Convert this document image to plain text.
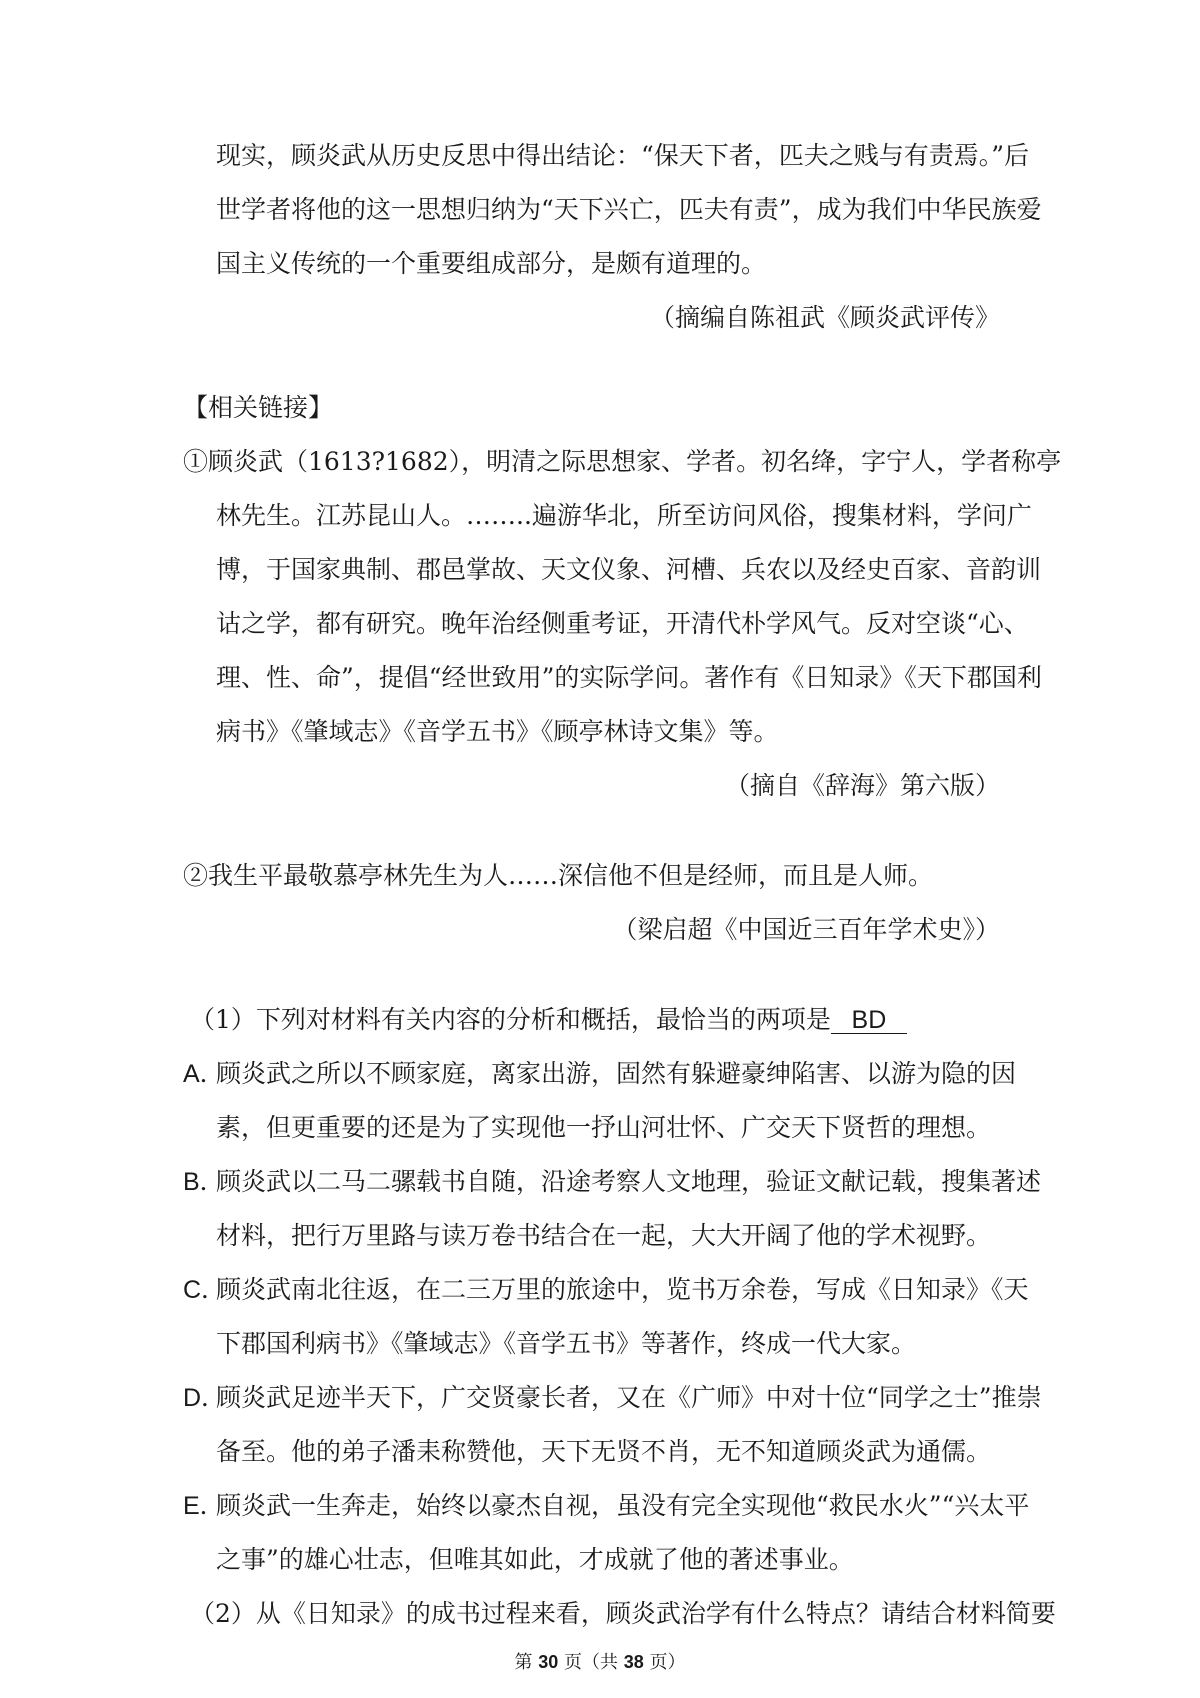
现实，顾炎武从历史反思中得出结论：“保天下者，匹夫之贱与有责焉。”后
世学者将他的这一思想归纳为“天下兴亡，匹夫有责”，成为我们中华民族爱
国主义传统的一个重要组成部分，是颇有道理的。
（摘编自陈祖武《顾炎武评传》
【相关链接】
①顾炎武（1613?1682），明清之际思想家、学者。初名绛，字宁人，学者称亭
林先生。江苏昆山人。……..遍游华北，所至访问风俗，搜集材料，学问广
博，于国家典制、郡邑掌故、天文仪象、河槽、兵农以及经史百家、音韵训
诂之学，都有研究。晚年治经侧重考证，开清代朴学风气。反对空谈“心、
理、性、命”，提倡“经世致用”的实际学问。著作有《日知录》《天下郡国利
病书》《肇域志》《音学五书》《顾亭林诗文集》等。
（摘自《辞海》第六版）
②我生平最敬慕亭林先生为人……深信他不但是经师，而且是人师。
（梁启超《中国近三百年学术史》）
（1）下列对材料有关内容的分析和概括，最恰当的两项是 BD
A．
顾炎武之所以不顾家庭，离家出游，固然有躲避豪绅陷害、以游为隐的因
素，但更重要的还是为了实现他一抒山河壮怀、广交天下贤哲的理想。
B．
顾炎武以二马二骡载书自随，沿途考察人文地理，验证文献记载，搜集著述
材料，把行万里路与读万卷书结合在一起，大大开阔了他的学术视野。
C．
顾炎武南北往返，在二三万里的旅途中，览书万余卷，写成《日知录》《天
下郡国利病书》《肇域志》《音学五书》等著作，终成一代大家。
D．
顾炎武足迹半天下，广交贤豪长者，又在《广师》中对十位“同学之士”推崇
备至。他的弟子潘耒称赞他，天下无贤不肖，无不知道顾炎武为通儒。
E．
顾炎武一生奔走，始终以豪杰自视，虽没有完全实现他“救民水火”“兴太平
之事”的雄心壮志，但唯其如此，才成就了他的著述事业。
（2）从《日知录》的成书过程来看，顾炎武治学有什么特点？请结合材料简要
第 30 页（共 38 页）
